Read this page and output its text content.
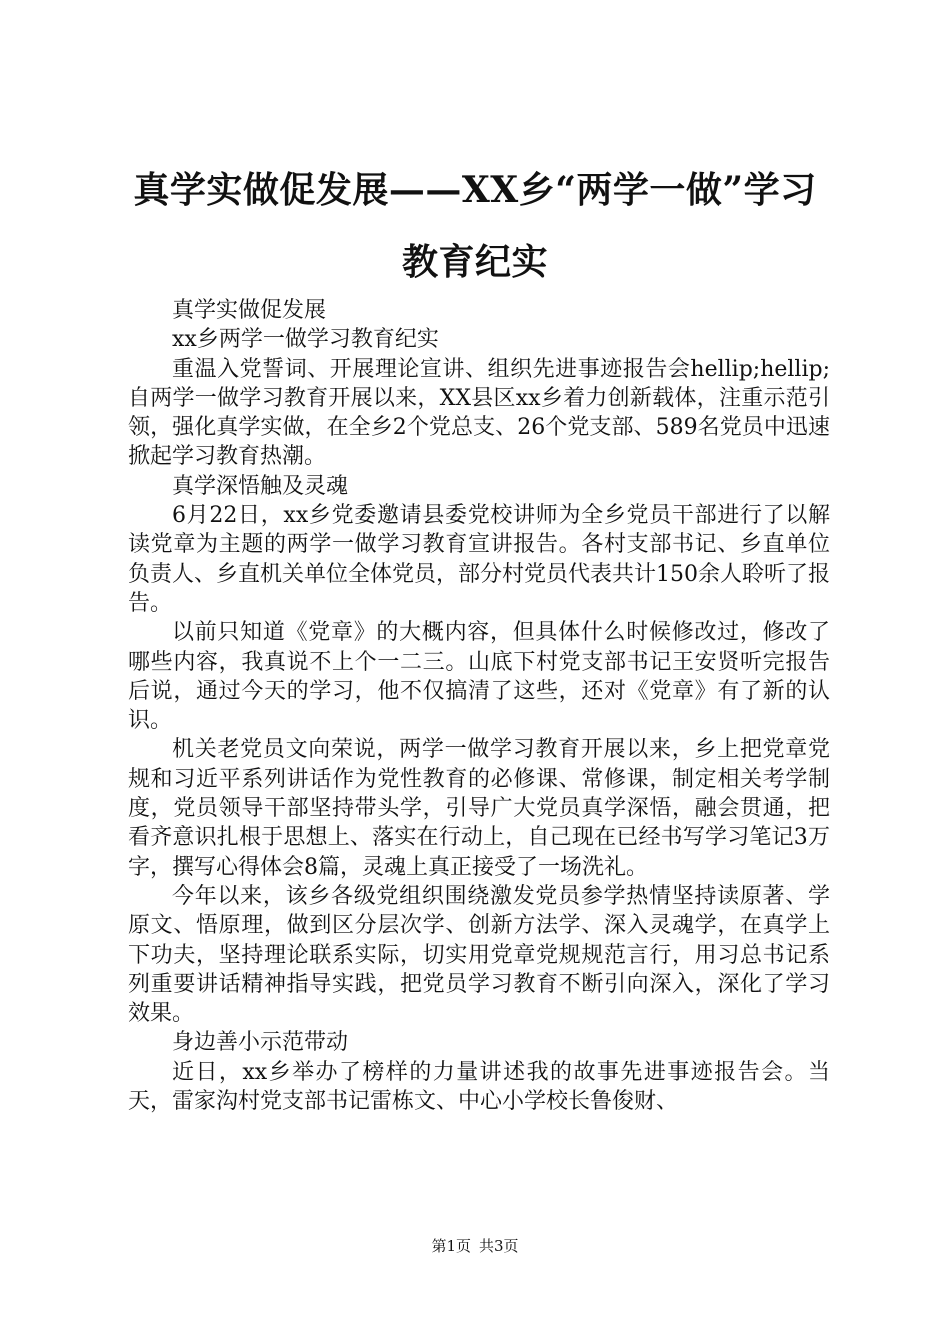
真学实做促发展——XX乡“两学一做”学习
教育纪实

真学实做促发展

xx乡两学一做学习教育纪实

重温入党誓词、开展理论宣讲、组织先进事迹报告会hellip;hellip;自两学一做学习教育开展以来，XX县区xx乡着力创新载体，注重示范引领，强化真学实做，在全乡2个党总支、26个党支部、589名党员中迅速掀起学习教育热潮。

真学深悟触及灵魂

6月22日，xx乡党委邀请县委党校讲师为全乡党员干部进行了以解读党章为主题的两学一做学习教育宣讲报告。各村支部书记、乡直单位负责人、乡直机关单位全体党员，部分村党员代表共计150余人聆听了报告。

以前只知道《党章》的大概内容，但具体什么时候修改过，修改了哪些内容，我真说不上个一二三。山底下村党支部书记王安贤听完报告后说，通过今天的学习，他不仅搞清了这些，还对《党章》有了新的认识。

机关老党员文向荣说，两学一做学习教育开展以来，乡上把党章党规和习近平系列讲话作为党性教育的必修课、常修课，制定相关考学制度，党员领导干部坚持带头学，引导广大党员真学深悟，融会贯通，把看齐意识扎根于思想上、落实在行动上，自己现在已经书写学习笔记3万字，撰写心得体会8篇，灵魂上真正接受了一场洗礼。

今年以来，该乡各级党组织围绕激发党员参学热情坚持读原著、学原文、悟原理，做到区分层次学、创新方法学、深入灵魂学，在真学上下功夫，坚持理论联系实际，切实用党章党规规范言行，用习总书记系列重要讲话精神指导实践，把党员学习教育不断引向深入，深化了学习效果。

身边善小示范带动

近日，xx乡举办了榜样的力量讲述我的故事先进事迹报告会。当天，雷家沟村党支部书记雷栋文、中心小学校长鲁俊财、

第1页 共3页
